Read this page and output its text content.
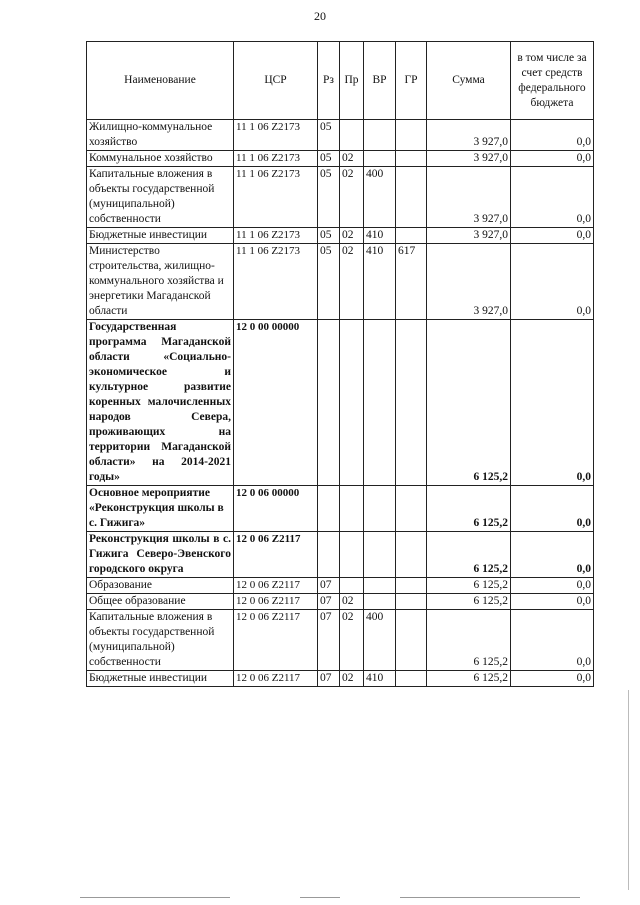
20
Наименование	ЦСР	Рз	Пр	ВР	ГР	Сумма	в том числе за счет средств федерального бюджета
Жилищно-коммунальное хозяйство	11 1 06 Z2173	05				3 927,0	0,0
Коммунальное хозяйство	11 1 06 Z2173	05	02			3 927,0	0,0
Капитальные вложения в объекты государственной (муниципальной) собственности	11 1 06 Z2173	05	02	400		3 927,0	0,0
Бюджетные инвестиции	11 1 06 Z2173	05	02	410		3 927,0	0,0
Министерство строительства, жилищно-коммунального хозяйства и энергетики Магаданской области	11 1 06 Z2173	05	02	410	617	3 927,0	0,0
Государственная программа Магаданской области «Социально-экономическое и культурное развитие коренных малочисленных народов Севера, проживающих на территории Магаданской области» на 2014-2021 годы»	12 0 00 00000					6 125,2	0,0
Основное мероприятие «Реконструкция школы в с. Гижига»	12 0 06 00000					6 125,2	0,0
Реконструкция школы в с. Гижига Северо-Эвенского городского округа	12 0 06 Z2117					6 125,2	0,0
Образование	12 0 06 Z2117	07				6 125,2	0,0
Общее образование	12 0 06 Z2117	07	02			6 125,2	0,0
Капитальные вложения в объекты государственной (муниципальной) собственности	12 0 06 Z2117	07	02	400		6 125,2	0,0
Бюджетные инвестиции	12 0 06 Z2117	07	02	410		6 125,2	0,0
